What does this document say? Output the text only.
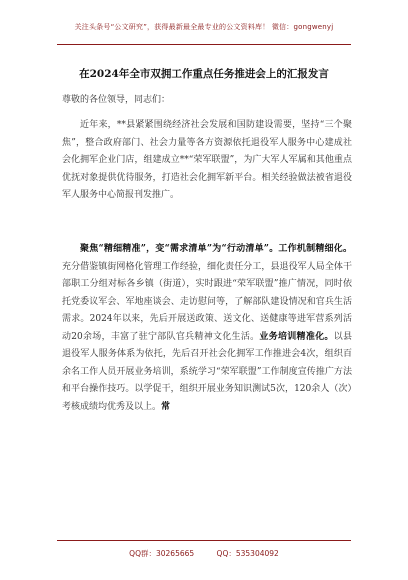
关注头条号“公文研究”，获得最新最全最专业的公文资料库！ 微信：gongwenyj
在2024年全市双拥工作重点任务推进会上的汇报发言
尊敬的各位领导，同志们：
近年来，**县紧紧围绕经济社会发展和国防建设需要，坚持“三个聚焦”，整合政府部门、社会力量等各方资源依托退役军人服务中心建成社会化拥军企业门店，组建成立**“荣军联盟”，为广大军人军属和其他重点优抚对象提供优待服务，打造社会化拥军新平台。相关经验做法被省退役军人服务中心简报刊发推广。
聚焦“精细精准”，变“需求清单”为“行动清单”。工作机制精细化。充分借鉴镇街网格化管理工作经验，细化责任分工，县退役军人局全体干部职工分组对标各乡镇（街道），实时跟进“荣军联盟”推广情况，同时依托党委议军会、军地座谈会、走访慰问等，了解部队建设情况和官兵生活需求。2024年以来，先后开展送政策、送文化、送健康等进军营系列活动20余场，丰富了驻宁部队官兵精神文化生活。业务培训精准化。以县退役军人服务体系为依托，先后召开社会化拥军工作推进会4次，组织百余名工作人员开展业务培训，系统学习“荣军联盟”工作制度宣传推广方法和平台操作技巧。以学促干，组织开展业务知识测试5次，120余人（次）考核成绩均优秀及以上。常
QQ群：30265665	QQ：535304092
